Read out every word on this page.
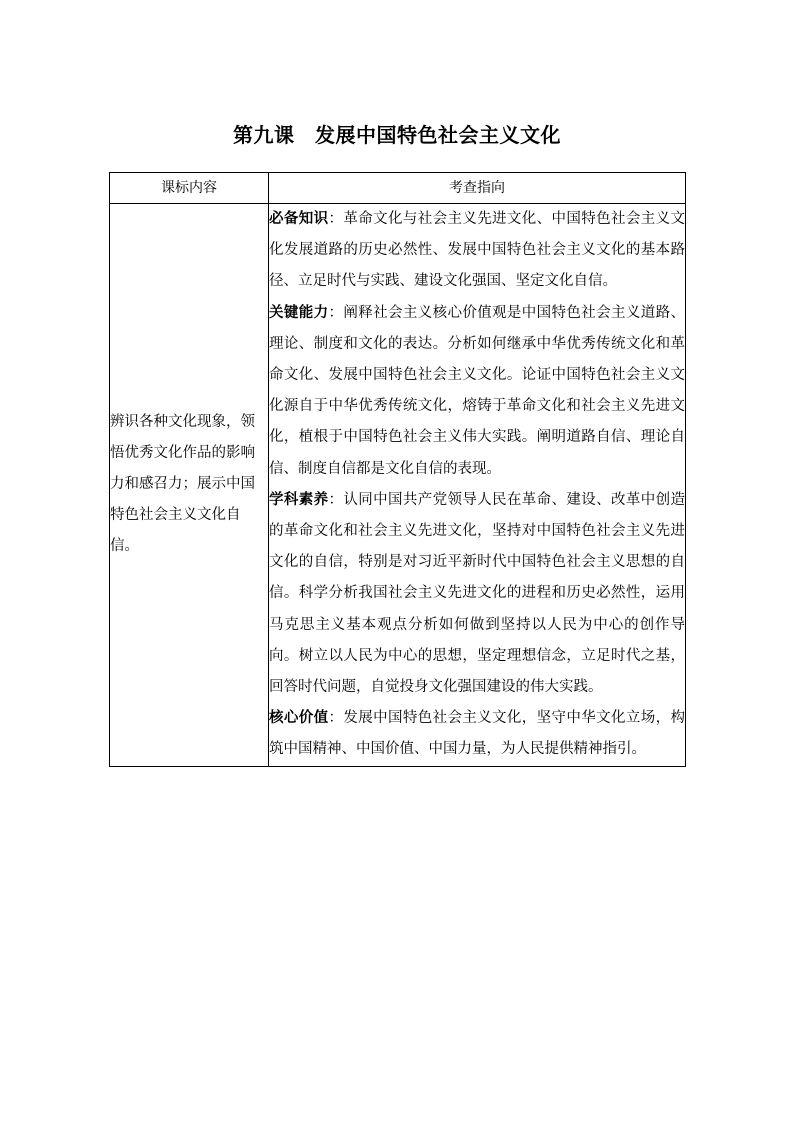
第九课　发展中国特色社会主义文化
课标内容	考查指向
辨识各种文化现象，领悟优秀文化作品的影响力和感召力；展示中国特色社会主义文化自信。	必备知识：革命文化与社会主义先进文化、中国特色社会主义文化发展道路的历史必然性、发展中国特色社会主义文化的基本路径、立足时代与实践、建设文化强国、坚定文化自信。

关键能力：阐释社会主义核心价值观是中国特色社会主义道路、理论、制度和文化的表达。分析如何继承中华优秀传统文化和革命文化、发展中国特色社会主义文化。论证中国特色社会主义文化源自于中华优秀传统文化，熔铸于革命文化和社会主义先进文化，植根于中国特色社会主义伟大实践。阐明道路自信、理论自信、制度自信都是文化自信的表现。

学科素养：认同中国共产党领导人民在革命、建设、改革中创造的革命文化和社会主义先进文化，坚持对中国特色社会主义先进文化的自信，特别是对习近平新时代中国特色社会主义思想的自信。科学分析我国社会主义先进文化的进程和历史必然性，运用马克思主义基本观点分析如何做到坚持以人民为中心的创作导向。树立以人民为中心的思想，坚定理想信念，立足时代之基，回答时代问题，自觉投身文化强国建设的伟大实践。

核心价值：发展中国特色社会主义文化，坚守中华文化立场，构筑中国精神、中国价值、中国力量，为人民提供精神指引。
